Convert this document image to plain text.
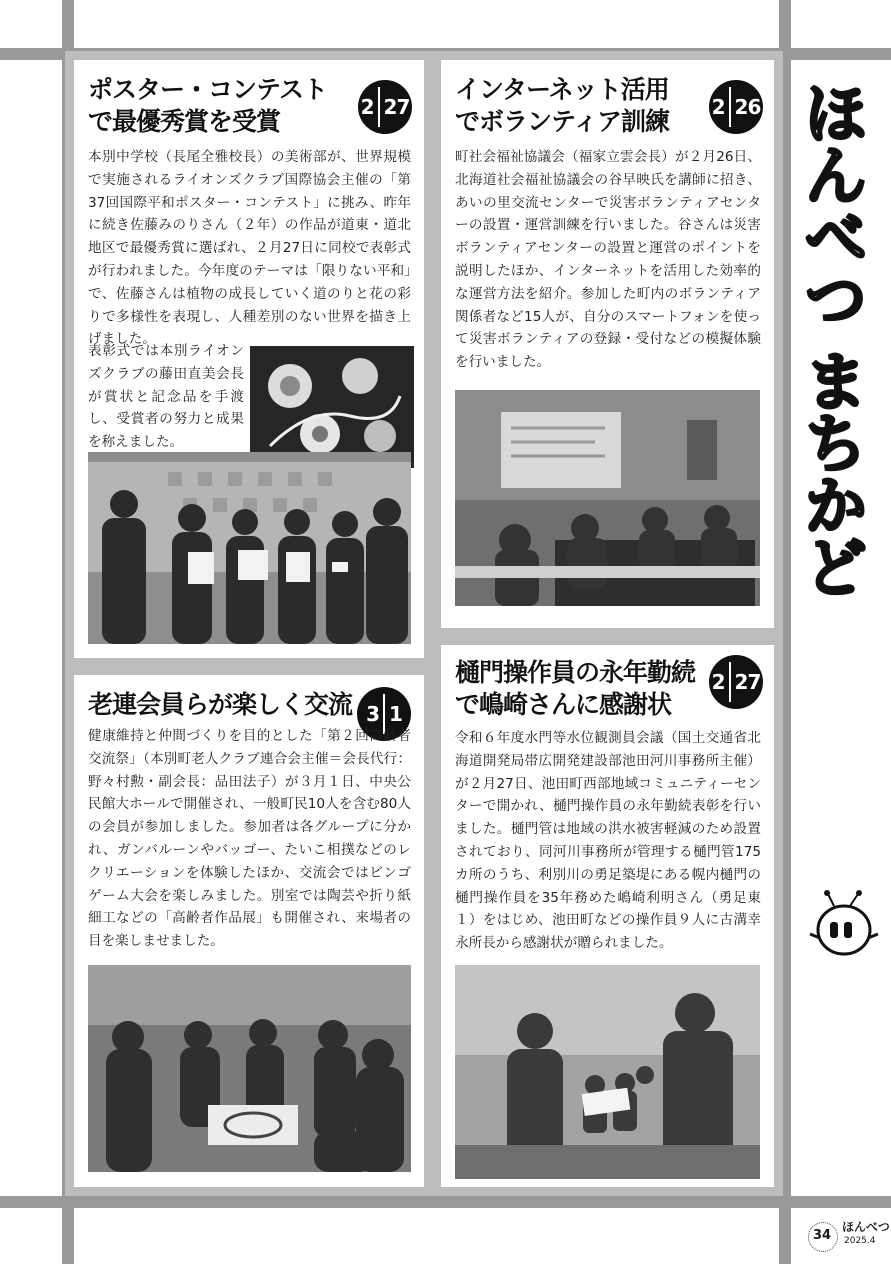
ほんべつ まちかど
ポスター・コンテスト
で最優秀賞を受賞	2 27

本別中学校（長尾全雅校長）の美術部が、世界規模で実施されるライオンズクラブ国際協会主催の「第37回国際平和ポスター・コンテスト」に挑み、昨年に続き佐藤みのりさん（２年）の作品が道東・道北地区で最優秀賞に選ばれ、２月27日に同校で表彰式が行われました。今年度のテーマは「限りない平和」で、佐藤さんは植物の成長していく道のりと花の彩りで多様性を表現し、人種差別のない世界を描き上げました。

表彰式では本別ライオンズクラブの藤田直美会長が賞状と記念品を手渡し、受賞者の努力と成果を称えました。

インターネット活用
でボランティア訓練 2 26

町社会福祉協議会（福家立雲会長）が２月26日、北海道社会福祉協議会の谷早映氏を講師に招き、あいの里交流センターで災害ボランティアセンターの設置・運営訓練を行いました。谷さんは災害ボランティアセンターの設置と運営のポイントを説明したほか、インターネットを活用した効率的な運営方法を紹介。参加した町内のボランティア関係者など15人が、自分のスマートフォンを使って災害ボランティアの登録・受付などの模擬体験を行いました。

老連会員らが楽しく交流 3 1

健康維持と仲間づくりを目的とした「第２回高齢者交流祭」（本別町老人クラブ連合会主催＝会長代行：野々村勲・副会長：品田法子）が３月１日、中央公民館大ホールで開催され、一般町民10人を含む80人の会員が参加しました。参加者は各グループに分かれ、ガンバルーンやバッゴー、たいこ相撲などのレクリエーションを体験したほか、交流会ではビンゴゲーム大会を楽しみました。別室では陶芸や折り紙細工などの「高齢者作品展」も開催され、来場者の目を楽しませました。

樋門操作員の永年勤続
で嶋崎さんに感謝状
2 27

令和６年度水門等水位観測員会議（国土交通省北海道開発局帯広開発建設部池田河川事務所主催）が２月27日、池田町西部地域コミュニティーセンターで開かれ、樋門操作員の永年勤続表彰を行いました。樋門管は地域の洪水被害軽減のため設置されており、同河川事務所が管理する樋門管175カ所のうち、利別川の勇足築堤にある幌内樋門の樋門操作員を35年務めた嶋崎利明さん（勇足東１）をはじめ、池田町などの操作員９人に古溝幸永所長から感謝状が贈られました。

34
ほんべつ
2025.4
